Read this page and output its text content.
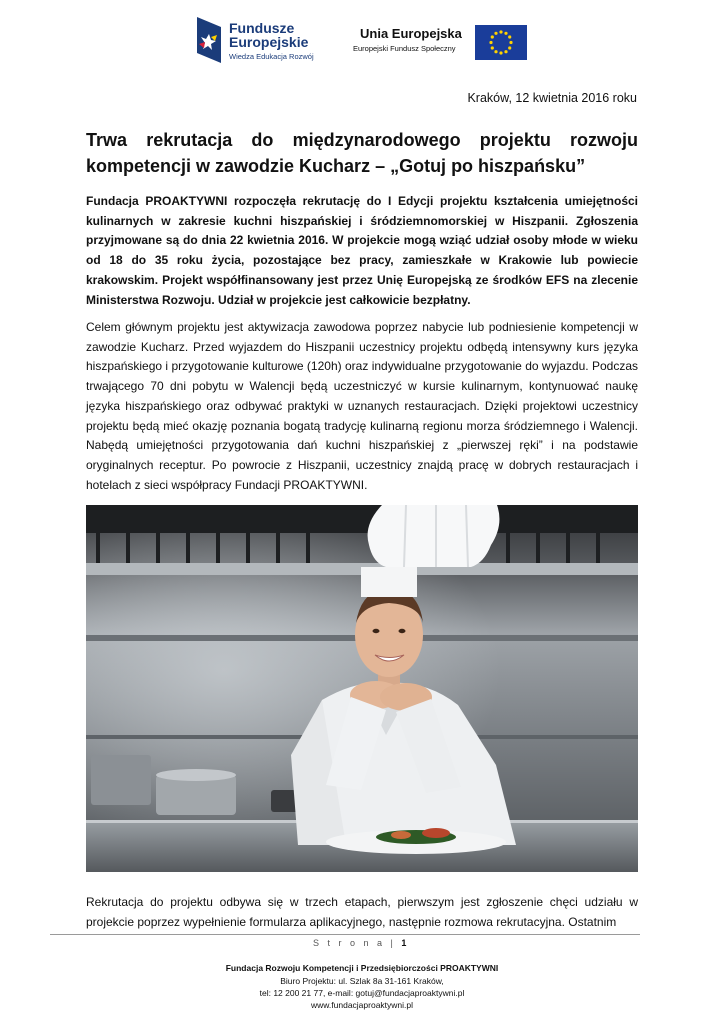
Fundusze
Europejskie
Wiedza Edukacja Rozwój
Unia Europejska
Europejski Fundusz Społeczny
Kraków, 12 kwietnia 2016 roku
Trwa rekrutacja do międzynarodowego projektu rozwoju kompetencji w zawodzie Kucharz – „Gotuj po hiszpańsku”

Fundacja PROAKTYWNI rozpoczęła rekrutację do I Edycji projektu kształcenia umiejętności kulinarnych w zakresie kuchni hiszpańskiej i śródziemnomorskiej w Hiszpanii. Zgłoszenia przyjmowane są do dnia 22 kwietnia 2016. W projekcie mogą wziąć udział osoby młode w wieku od 18 do 35 roku życia, pozostające bez pracy, zamieszkałe w Krakowie lub powiecie krakowskim. Projekt współfinansowany jest przez Unię Europejską ze środków EFS na zlecenie Ministerstwa Rozwoju. Udział w projekcie jest całkowicie bezpłatny.

Celem głównym projektu jest aktywizacja zawodowa poprzez nabycie lub podniesienie kompetencji w zawodzie Kucharz. Przed wyjazdem do Hiszpanii uczestnicy projektu odbędą intensywny kurs języka hiszpańskiego i przygotowanie kulturowe (120h) oraz indywidualne przygotowanie do wyjazdu. Podczas trwającego 70 dni pobytu w Walencji będą uczestniczyć w kursie kulinarnym, kontynuować naukę języka hiszpańskiego oraz odbywać praktyki w uznanych restauracjach. Dzięki projektowi uczestnicy projektu będą mieć okazję poznania bogatą tradycję kulinarną regionu morza śródziemnego i Walencji. Nabędą umiejętności przygotowania dań kuchni hiszpańskiej z „pierwszej ręki” i na podstawie oryginalnych receptur. Po powrocie z Hiszpanii, uczestnicy znajdą pracę w dobrych restauracjach i hotelach z sieci współpracy Fundacji PROAKTYWNI.

Rekrutacja do projektu odbywa się w trzech etapach, pierwszym jest zgłoszenie chęci udziału w projekcie poprzez wypełnienie formularza aplikacyjnego, następnie rozmowa rekrutacyjna. Ostatnim

S t r o n a | 1
Fundacja Rozwoju Kompetencji i Przedsiębiorczości PROAKTYWNI
Biuro Projektu: ul. Szlak 8a 31-161 Kraków,
tel: 12 200 21 77, e-mail: gotuj@fundacjaproaktywni.pl
www.fundacjaproaktywni.pl
